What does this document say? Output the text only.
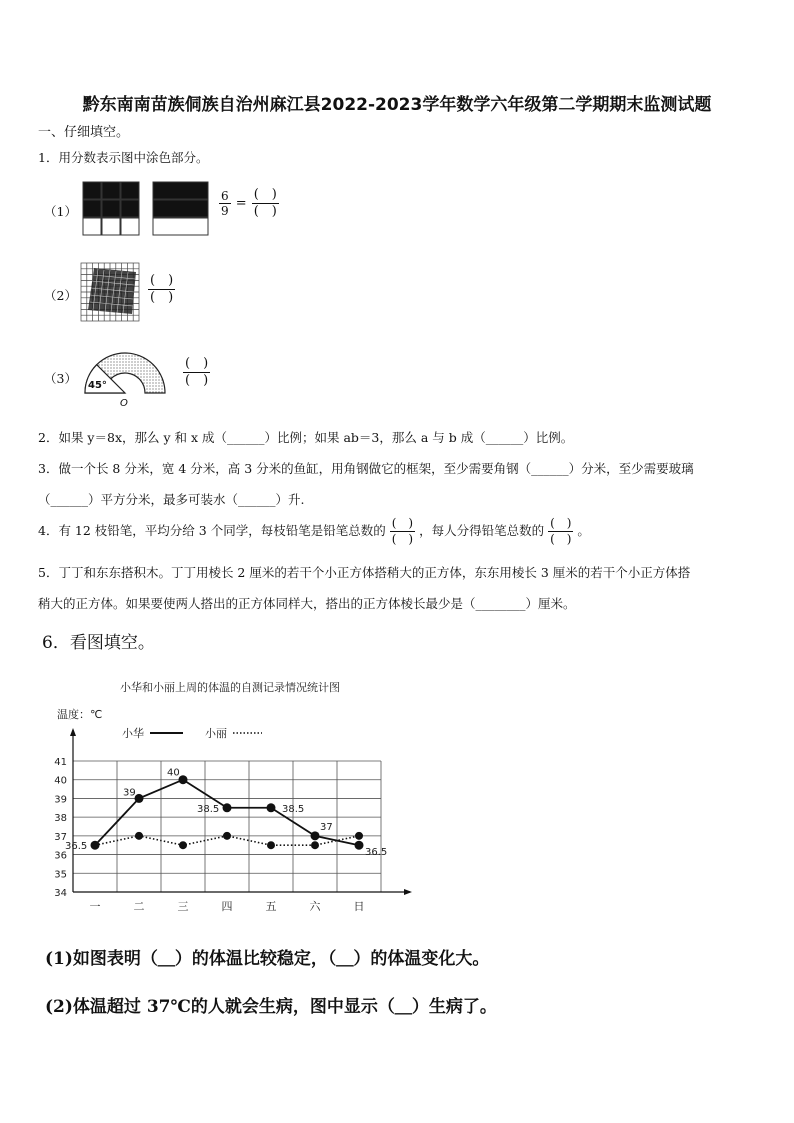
黔东南南苗族侗族自治州麻江县2022-2023学年数学六年级第二学期期末监测试题
一、仔细填空。
1．用分数表示图中涂色部分。
（1）	$\frac{6}{9} = \frac{( )}{( )}$
（2）	$\frac{( )}{( )}$
（3） 45°
O
$\frac{( )}{( )}$
2．如果 y＝8x，那么 y 和 x 成（______）比例；如果 ab＝3，那么 a 与 b 成（______）比例。
3．做一个长 8 分米，宽 4 分米，高 3 分米的鱼缸，用角钢做它的框架，至少需要角钢（______）分米，至少需要玻璃
（______）平方分米，最多可装水（______）升.
4．有 12 枝铅笔，平均分给 3 个同学，每枝铅笔是铅笔总数的 $\frac{( )}{( )}$ ，每人分得铅笔总数的 $\frac{( )}{( )}$ 。
5．丁丁和东东搭积木。丁丁用棱长 2 厘米的若干个小正方体搭稍大的正方体，东东用棱长 3 厘米的若干个小正方体搭
稍大的正方体。如果要使两人搭出的正方体同样大，搭出的正方体棱长最少是（________）厘米。
6．看图填空。
小华和小丽上周的体温的自测记录情况统计图
温度：℃
小华	小丽
34
35
36
37
38
39
40
41
一	二	三	四	五	六	日
36.5
39
40
38.5	38.5
37
36.5
(1)如图表明（＿）的体温比较稳定，（＿）的体温变化大。
(2)体温超过 37℃的人就会生病，图中显示（＿）生病了。
